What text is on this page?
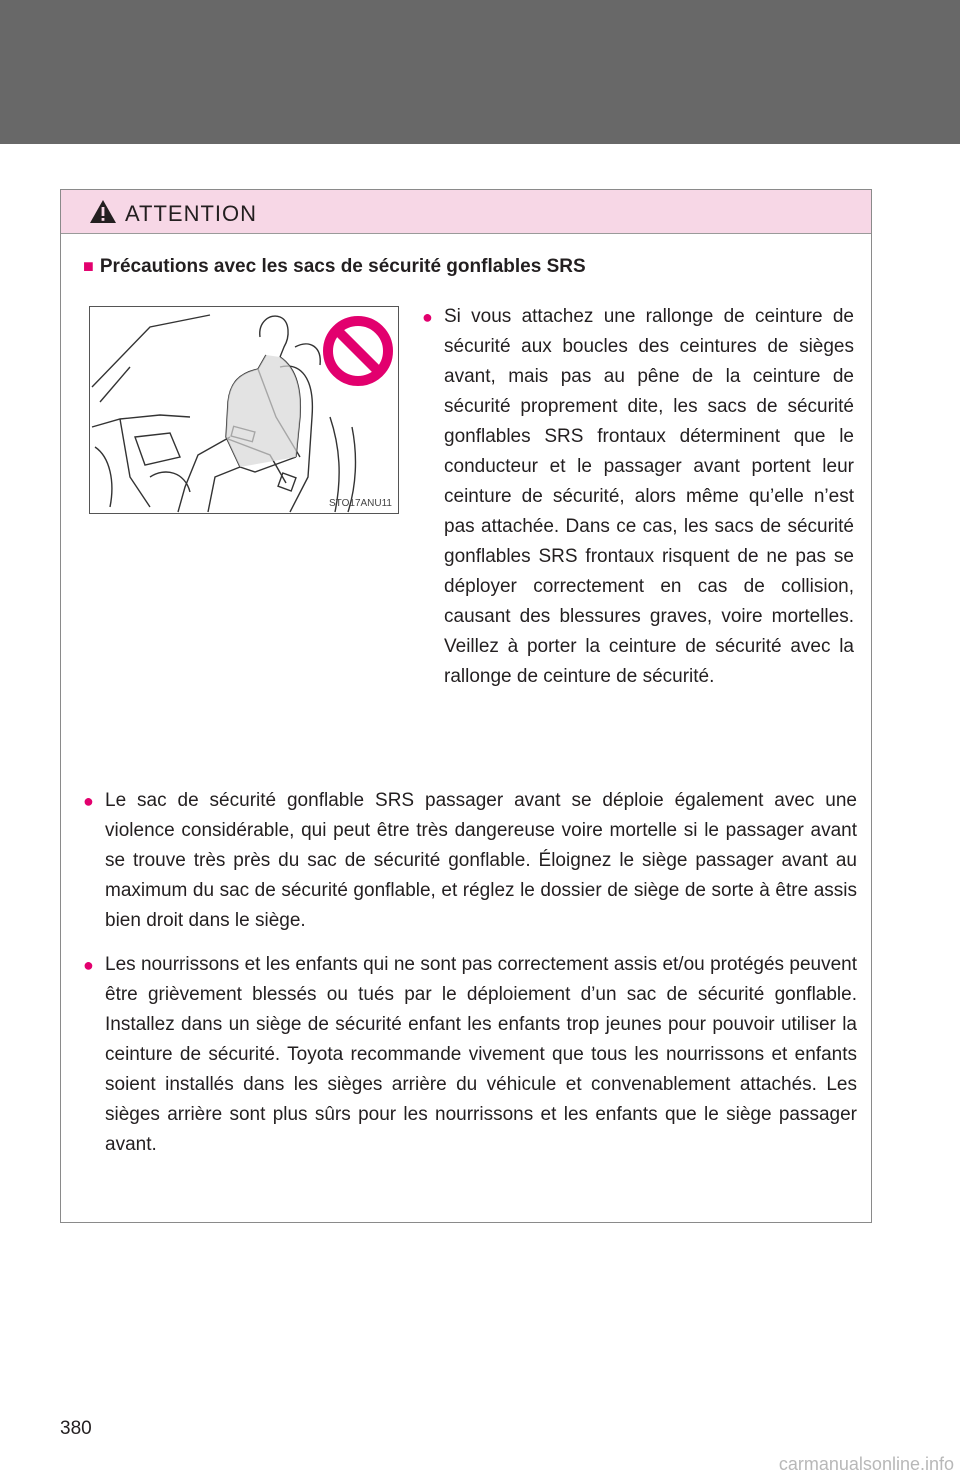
ATTENTION
■ Précautions avec les sacs de sécurité gonflables SRS
STO17ANU11
● Si vous attachez une rallonge de ceinture de sécurité aux boucles des ceintures de sièges avant, mais pas au pêne de la ceinture de sécurité proprement dite, les sacs de sécurité gonflables SRS frontaux déterminent que le conducteur et le passager avant portent leur ceinture de sécurité, alors même qu’elle n’est pas attachée. Dans ce cas, les sacs de sécurité gonflables SRS frontaux risquent de ne pas se déployer correctement en cas de collision, causant des blessures graves, voire mortelles. Veillez à porter la ceinture de sécurité avec la rallonge de ceinture de sécurité.
● Le sac de sécurité gonflable SRS passager avant se déploie également avec une violence considérable, qui peut être très dangereuse voire mortelle si le passager avant se trouve très près du sac de sécurité gonflable. Éloignez le siège passager avant au maximum du sac de sécurité gonflable, et réglez le dossier de siège de sorte à être assis bien droit dans le siège.
● Les nourrissons et les enfants qui ne sont pas correctement assis et/ou protégés peuvent être grièvement blessés ou tués par le déploiement d’un sac de sécurité gonflable. Installez dans un siège de sécurité enfant les enfants trop jeunes pour pouvoir utiliser la ceinture de sécurité. Toyota recommande vivement que tous les nourrissons et enfants soient installés dans les sièges arrière du véhicule et convenablement attachés. Les sièges arrière sont plus sûrs pour les nourrissons et les enfants que le siège passager avant.
380
carmanualsonline.info
